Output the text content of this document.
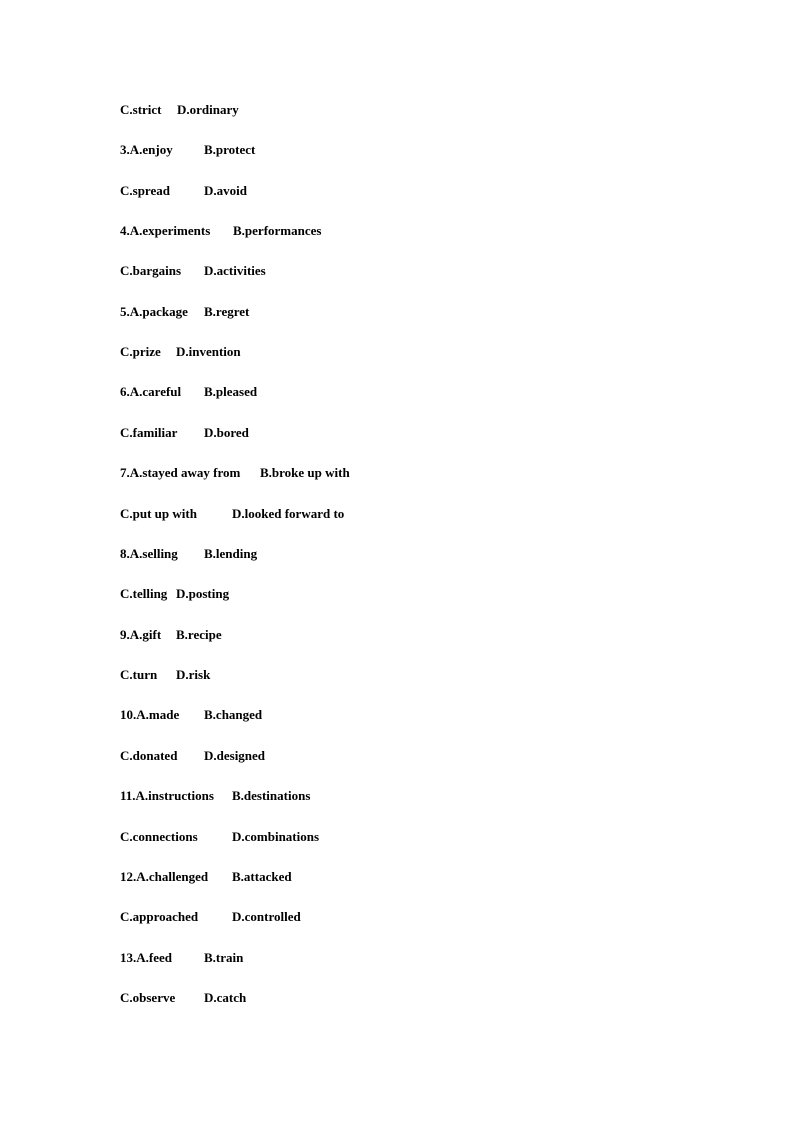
C.strict D.ordinary
3.A.enjoy B.protect
C.spread	D.avoid
4.A.experiments B.performances
C.bargains D.activities
5.A.package B.regret
C.prize D.invention
6.A.careful B.pleased
C.familiar D.bored
7.A.stayed away from B.broke up with
C.put up with	D.looked forward to
8.A.selling B.lending
C.telling D.posting
9.A.gift B.recipe
C.turn D.risk
10.A.made B.changed
C.donated D.designed
11.A.instructions B.destinations
C.connections	D.combinations
12.A.challenged B.attacked
C.approached	D.controlled
13.A.feed B.train
C.observe D.catch
